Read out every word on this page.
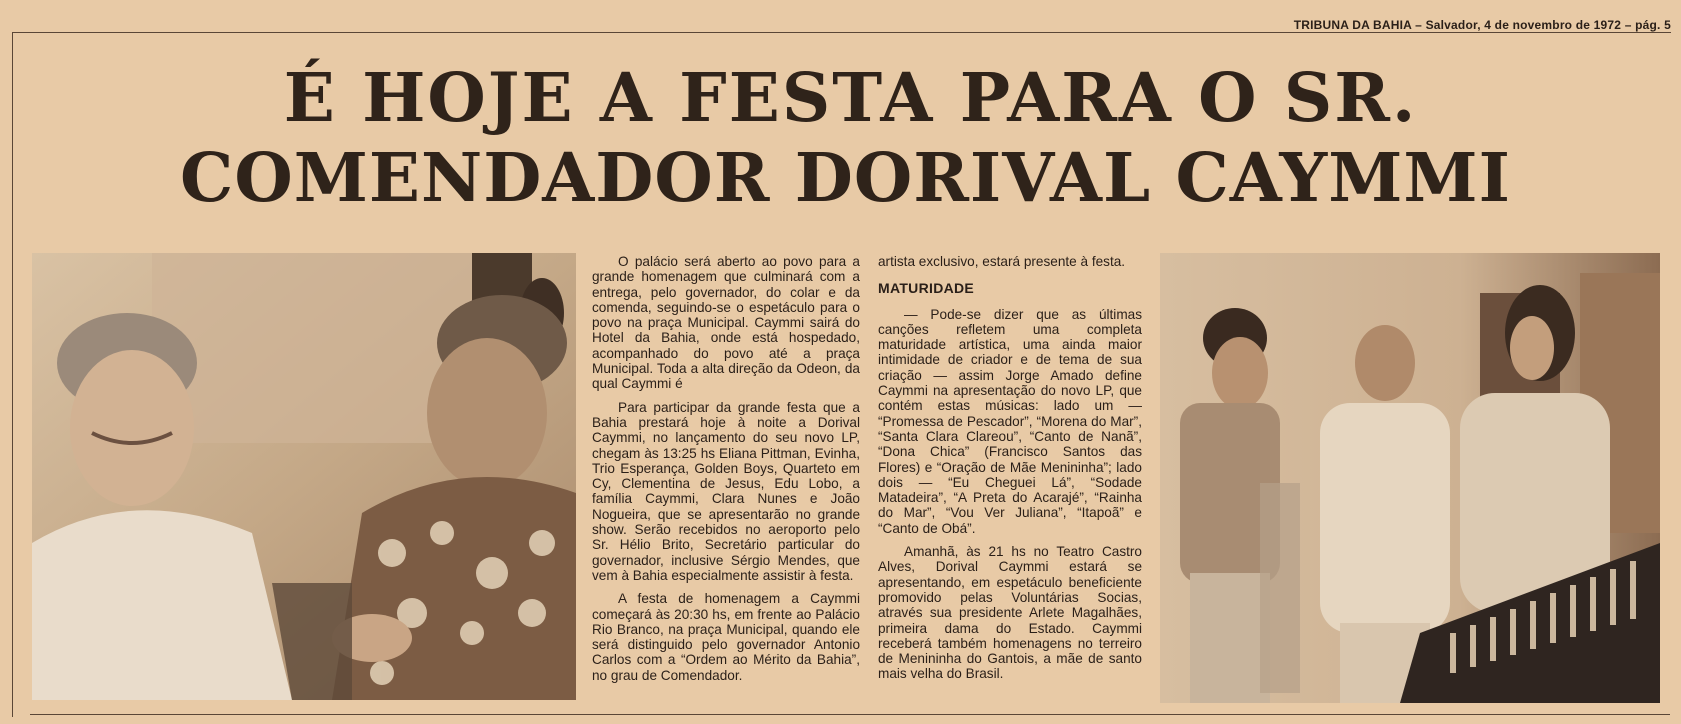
TRIBUNA DA BAHIA – Salvador, 4 de novembro de 1972 – pág. 5
É HOJE A FESTA PARA O SR.
COMENDADOR DORIVAL CAYMMI

O palácio será aberto ao povo para a grande homenagem que culminará com a entrega, pelo governador, do colar e da comenda, seguindo-se o espetáculo para o povo na praça Municipal. Caymmi sairá do Hotel da Bahia, onde está hospedado, acompanhado do povo até a praça Municipal. Toda a alta direção da Odeon, da qual Caymmi é

Para participar da grande festa que a Bahia prestará hoje à noite a Dorival Caymmi, no lançamento do seu novo LP, chegam às 13:25 hs Eliana Pittman, Evinha, Trio Esperança, Golden Boys, Quarteto em Cy, Clementina de Jesus, Edu Lobo, a família Caymmi, Clara Nunes e João Nogueira, que se apresentarão no grande show. Serão recebidos no aeroporto pelo Sr. Hélio Brito, Secretário particular do governador, inclusive Sérgio Mendes, que vem à Bahia especialmente assistir à festa.

A festa de homenagem a Caymmi começará às 20:30 hs, em frente ao Palácio Rio Branco, na praça Municipal, quando ele será distinguido pelo governador Antonio Carlos com a “Ordem ao Mérito da Bahia”, no grau de Comendador.

artista exclusivo, estará presente à festa.

MATURIDADE

— Pode-se dizer que as últimas canções refletem uma completa maturidade artística, uma ainda maior intimidade de criador e de tema de sua criação — assim Jorge Amado define Caymmi na apresentação do novo LP, que contém estas músicas: lado um — “Promessa de Pescador”, “Morena do Mar”, “Santa Clara Clareou”, “Canto de Nanã”, “Dona Chica” (Francisco Santos das Flores) e “Oração de Mãe Menininha”; lado dois — “Eu Cheguei Lá”, “Sodade Matadeira”, “A Preta do Acarajé”, “Rainha do Mar”, “Vou Ver Juliana”, “Itapoã” e “Canto de Obá”.

Amanhã, às 21 hs no Teatro Castro Alves, Dorival Caymmi estará se apresentando, em espetáculo beneficiente promovido pelas Voluntárias Socias, através sua presidente Arlete Magalhães, primeira dama do Estado. Caymmi receberá também homenagens no terreiro de Menininha do Gantois, a mãe de santo mais velha do Brasil.
